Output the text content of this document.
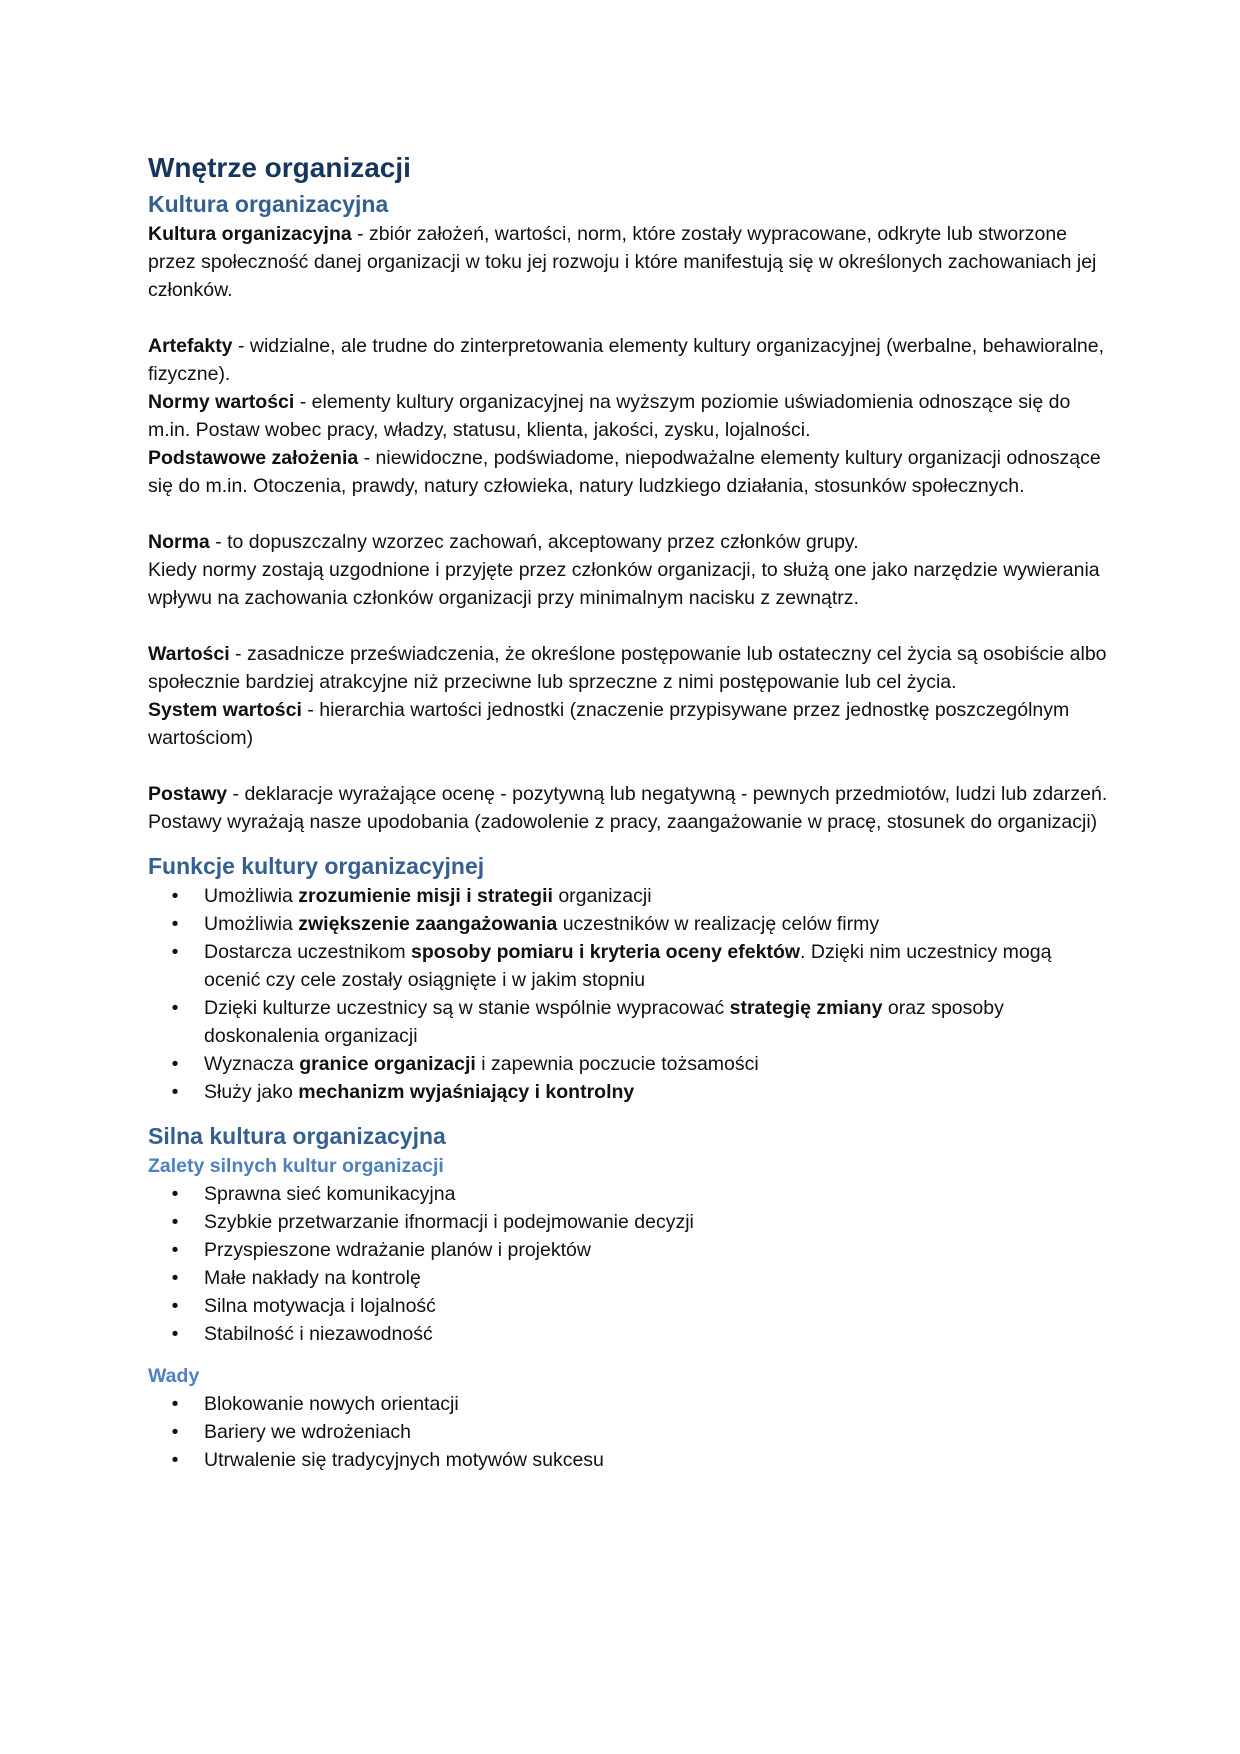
Wnętrze organizacji
Kultura organizacyjna

Kultura organizacyjna - zbiór założeń, wartości, norm, które zostały wypracowane, odkryte lub stworzone przez społeczność danej organizacji w toku jej rozwoju i które manifestują się w określonych zachowaniach jej członków.

Artefakty - widzialne, ale trudne do zinterpretowania elementy kultury organizacyjnej (werbalne, behawioralne, fizyczne).

Normy wartości - elementy kultury organizacyjnej na wyższym poziomie uświadomienia odnoszące się do m.in. Postaw wobec pracy, władzy, statusu, klienta, jakości, zysku, lojalności.

Podstawowe założenia - niewidoczne, podświadome, niepodważalne elementy kultury organizacji odnoszące się do m.in. Otoczenia, prawdy, natury człowieka, natury ludzkiego działania, stosunków społecznych.

Norma - to dopuszczalny wzorzec zachowań, akceptowany przez członków grupy.

Kiedy normy zostają uzgodnione i przyjęte przez członków organizacji, to służą one jako narzędzie wywierania wpływu na zachowania członków organizacji przy minimalnym nacisku z zewnątrz.

Wartości - zasadnicze przeświadczenia, że określone postępowanie lub ostateczny cel życia są osobiście albo społecznie bardziej atrakcyjne niż przeciwne lub sprzeczne z nimi postępowanie lub cel życia.

System wartości - hierarchia wartości jednostki (znaczenie przypisywane przez jednostkę poszczególnym wartościom)

Postawy - deklaracje wyrażające ocenę - pozytywną lub negatywną - pewnych przedmiotów, ludzi lub zdarzeń. Postawy wyrażają nasze upodobania (zadowolenie z pracy, zaangażowanie w pracę, stosunek do organizacji)

Funkcje kultury organizacyjnej
• Umożliwia zrozumienie misji i strategii organizacji
• Umożliwia zwiększenie zaangażowania uczestników w realizację celów firmy
• Dostarcza uczestnikom sposoby pomiaru i kryteria oceny efektów. Dzięki nim uczestnicy mogą ocenić czy cele zostały osiągnięte i w jakim stopniu
• Dzięki kulturze uczestnicy są w stanie wspólnie wypracować strategię zmiany oraz sposoby doskonalenia organizacji
• Wyznacza granice organizacji i zapewnia poczucie tożsamości
• Służy jako mechanizm wyjaśniający i kontrolny
Silna kultura organizacyjna
Zalety silnych kultur organizacji
• Sprawna sieć komunikacyjna
• Szybkie przetwarzanie ifnormacji i podejmowanie decyzji
• Przyspieszone wdrażanie planów i projektów
• Małe nakłady na kontrolę
• Silna motywacja i lojalność
• Stabilność i niezawodność
Wady
• Blokowanie nowych orientacji
• Bariery we wdrożeniach
• Utrwalenie się tradycyjnych motywów sukcesu
